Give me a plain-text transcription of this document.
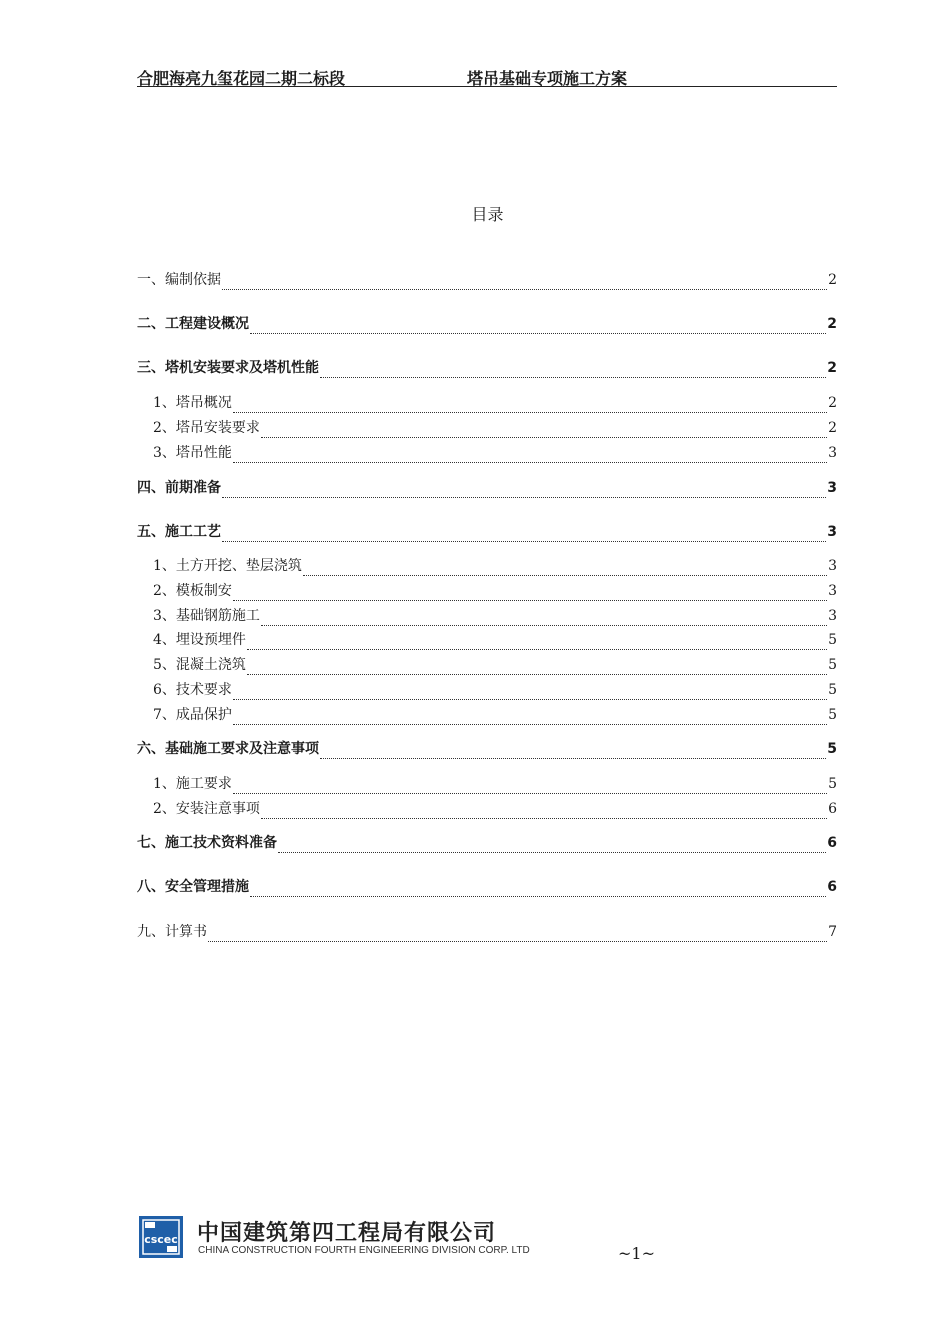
合肥海亮九玺花园二期二标段	塔吊基础专项施工方案
目录
一、编制依据	2
二、工程建设概况	2
三、塔机安装要求及塔机性能	2
1、塔吊概况	2
2、塔吊安装要求	2
3、塔吊性能	3
四、前期准备	3
五、施工工艺	3
1、土方开挖、垫层浇筑	3
2、模板制安	3
3、基础钢筋施工	3
4、埋设预埋件	5
5、混凝土浇筑	5
6、技术要求	5
7、成品保护	5
六、基础施工要求及注意事项	5
1、施工要求	5
2、安装注意事项	6
七、施工技术资料准备	6
八、安全管理措施	6
九、计算书	7
cscec 中国建筑第四工程局有限公司
CHINA CONSTRUCTION FOURTH ENGINEERING DIVISION CORP. LTD	~1~
